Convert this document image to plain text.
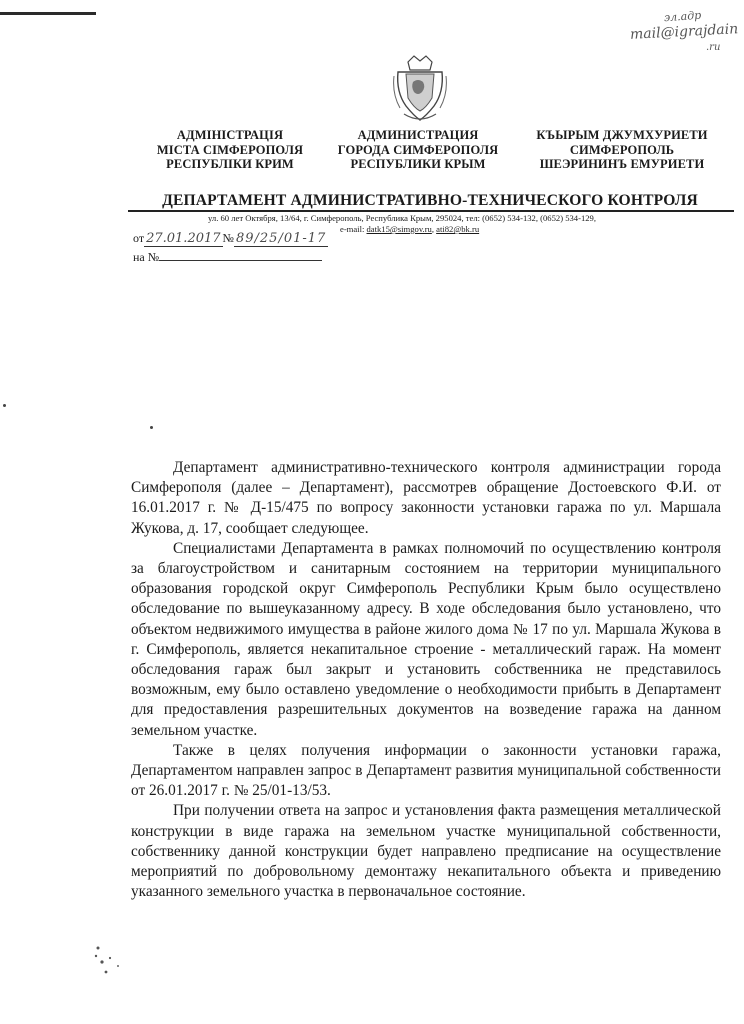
эл.адр
mail@igrajdain
.ru
АДМІНІСТРАЦІЯ
МІСТА СІМФЕРОПОЛЯ
РЕСПУБЛІКИ КРИМ
АДМИНИСТРАЦИЯ
ГОРОДА СИМФЕРОПОЛЯ
РЕСПУБЛИКИ КРЫМ
КЪЫРЫМ ДЖУМХУРИЕТИ
СИМФЕРОПОЛЬ
ШЕЭРИНИНЪ ЕМУРИЕТИ
ДЕПАРТАМЕНТ АДМИНИСТРАТИВНО-ТЕХНИЧЕСКОГО КОНТРОЛЯ
ул. 60 лет Октября, 13/64, г. Симферополь, Республика Крым, 295024, тел: (0652) 534-132, (0652) 534-129,
e-mail: datk15@simgov.ru, ati82@bk.ru
от 27.01.2017 № 89/25/01-17
на №

Департамент административно-технического контроля администрации города Симферополя (далее – Департамент), рассмотрев обращение Достоевского Ф.И. от 16.01.2017 г. № Д-15/475 по вопросу законности установки гаража по ул. Маршала Жукова, д. 17, сообщает следующее.

Специалистами Департамента в рамках полномочий по осуществлению контроля за благоустройством и санитарным состоянием на территории муниципального образования городской округ Симферополь Республики Крым было осуществлено обследование по вышеуказанному адресу. В ходе обследования было установлено, что объектом недвижимого имущества в районе жилого дома № 17 по ул. Маршала Жукова в г. Симферополь, является некапитальное строение - металлический гараж. На момент обследования гараж был закрыт и установить собственника не представилось возможным, ему было оставлено уведомление о необходимости прибыть в Департамент для предоставления разрешительных документов на возведение гаража на данном земельном участке.

Также в целях получения информации о законности установки гаража, Департаментом направлен запрос в Департамент развития муниципальной собственности от 26.01.2017 г. № 25/01-13/53.

При получении ответа на запрос и установления факта размещения металлической конструкции в виде гаража на земельном участке муниципальной собственности, собственнику данной конструкции будет направлено предписание на осуществление мероприятий по добровольному демонтажу некапитального объекта и приведению указанного земельного участка в первоначальное состояние.
